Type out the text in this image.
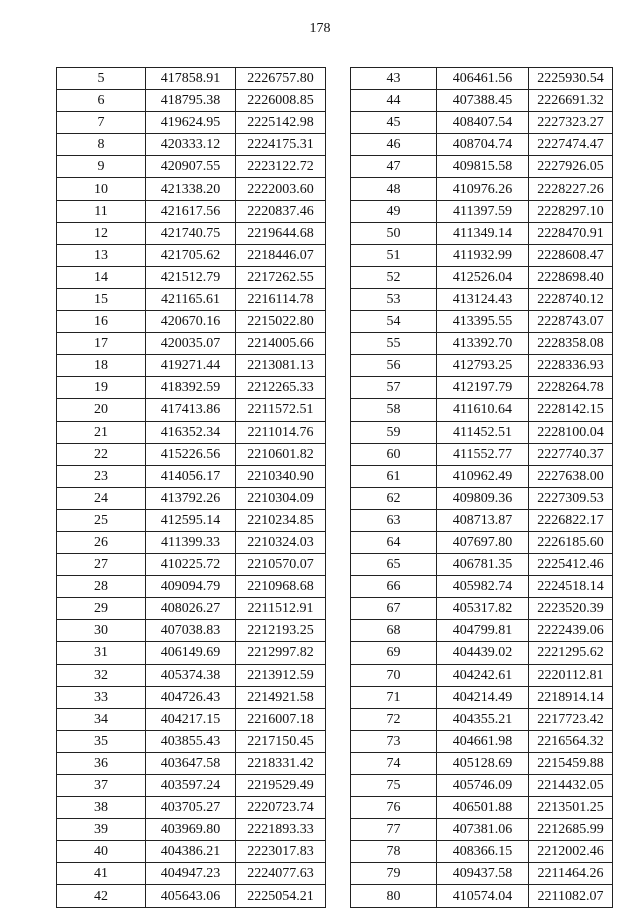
178
5	417858.91	2226757.80
6	418795.38	2226008.85
7	419624.95	2225142.98
8	420333.12	2224175.31
9	420907.55	2223122.72
10	421338.20	2222003.60
11	421617.56	2220837.46
12	421740.75	2219644.68
13	421705.62	2218446.07
14	421512.79	2217262.55
15	421165.61	2216114.78
16	420670.16	2215022.80
17	420035.07	2214005.66
18	419271.44	2213081.13
19	418392.59	2212265.33
20	417413.86	2211572.51
21	416352.34	2211014.76
22	415226.56	2210601.82
23	414056.17	2210340.90
24	413792.26	2210304.09
25	412595.14	2210234.85
26	411399.33	2210324.03
27	410225.72	2210570.07
28	409094.79	2210968.68
29	408026.27	2211512.91
30	407038.83	2212193.25
31	406149.69	2212997.82
32	405374.38	2213912.59
33	404726.43	2214921.58
34	404217.15	2216007.18
35	403855.43	2217150.45
36	403647.58	2218331.42
37	403597.24	2219529.49
38	403705.27	2220723.74
39	403969.80	2221893.33
40	404386.21	2223017.83
41	404947.23	2224077.63
42	405643.06	2225054.21
43	406461.56	2225930.54
44	407388.45	2226691.32
45	408407.54	2227323.27
46	408704.74	2227474.47
47	409815.58	2227926.05
48	410976.26	2228227.26
49	411397.59	2228297.10
50	411349.14	2228470.91
51	411932.99	2228608.47
52	412526.04	2228698.40
53	413124.43	2228740.12
54	413395.55	2228743.07
55	413392.70	2228358.08
56	412793.25	2228336.93
57	412197.79	2228264.78
58	411610.64	2228142.15
59	411452.51	2228100.04
60	411552.77	2227740.37
61	410962.49	2227638.00
62	409809.36	2227309.53
63	408713.87	2226822.17
64	407697.80	2226185.60
65	406781.35	2225412.46
66	405982.74	2224518.14
67	405317.82	2223520.39
68	404799.81	2222439.06
69	404439.02	2221295.62
70	404242.61	2220112.81
71	404214.49	2218914.14
72	404355.21	2217723.42
73	404661.98	2216564.32
74	405128.69	2215459.88
75	405746.09	2214432.05
76	406501.88	2213501.25
77	407381.06	2212685.99
78	408366.15	2212002.46
79	409437.58	2211464.26
80	410574.04	2211082.07
